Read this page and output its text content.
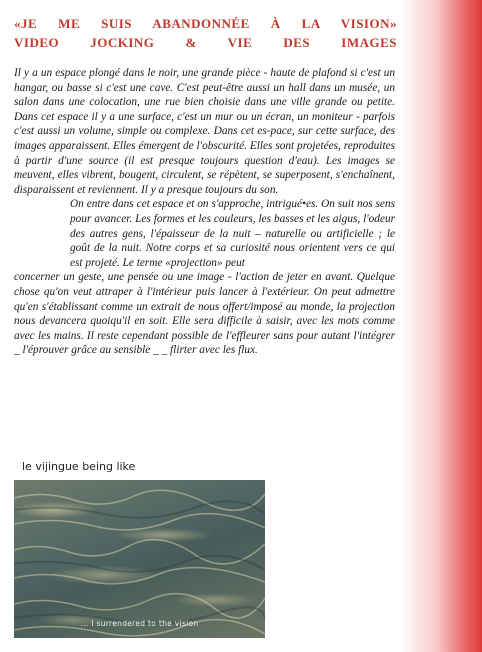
«JE ME SUIS ABANDONNÉE À LA VISION»
VIDEO JOCKING & VIE DES IMAGES

Il y a un espace plongé dans le noir, une grande pièce - haute de plafond si c'est un hangar, ou basse si c'est une cave. C'est peut-être aussi un hall dans un musée, un salon dans une colocation, une rue bien choisie dans une ville grande ou petite. Dans cet espace il y a une surface, c'est un mur ou un écran, un moniteur - parfois c'est aussi un volume, simple ou complexe. Dans cet es-pace, sur cette surface, des images apparaissent. Elles émergent de l'obscurité. Elles sont projetées, reproduites à partir d'une source (il est presque toujours question d'eau). Les images se meuvent, elles vibrent, bougent, circulent, se répètent, se superposent, s'enchaînent, disparaissent et reviennent. Il y a presque toujours du son.

On entre dans cet espace et on s'approche, intrigué•es. On suit nos sens pour avancer. Les formes et les couleurs, les basses et les aigus, l'odeur des autres gens, l'épaisseur de la nuit – naturelle ou artificielle ; le goût de la nuit. Notre corps et sa curiosité nous orientent vers ce qui est projeté. Le terme «projection» peut

concerner un geste, une pensée ou une image - l'action de jeter en avant. Quelque chose qu'on veut attraper à l'intérieur puis lancer à l'extérieur. On peut admettre qu'en s'établissant comme un extrait de nous offert/imposé au monde, la projection nous devancera quoiqu'il en soit. Elle sera difficile à saisir, avec les mots comme avec les mains. Il reste cependant possible de l'effleurer sans pour autant l'intégrer _ l'éprouver grâce au sensible _ _ flirter avec les flux.

le vijingue being like
... I surrendered to the vision
